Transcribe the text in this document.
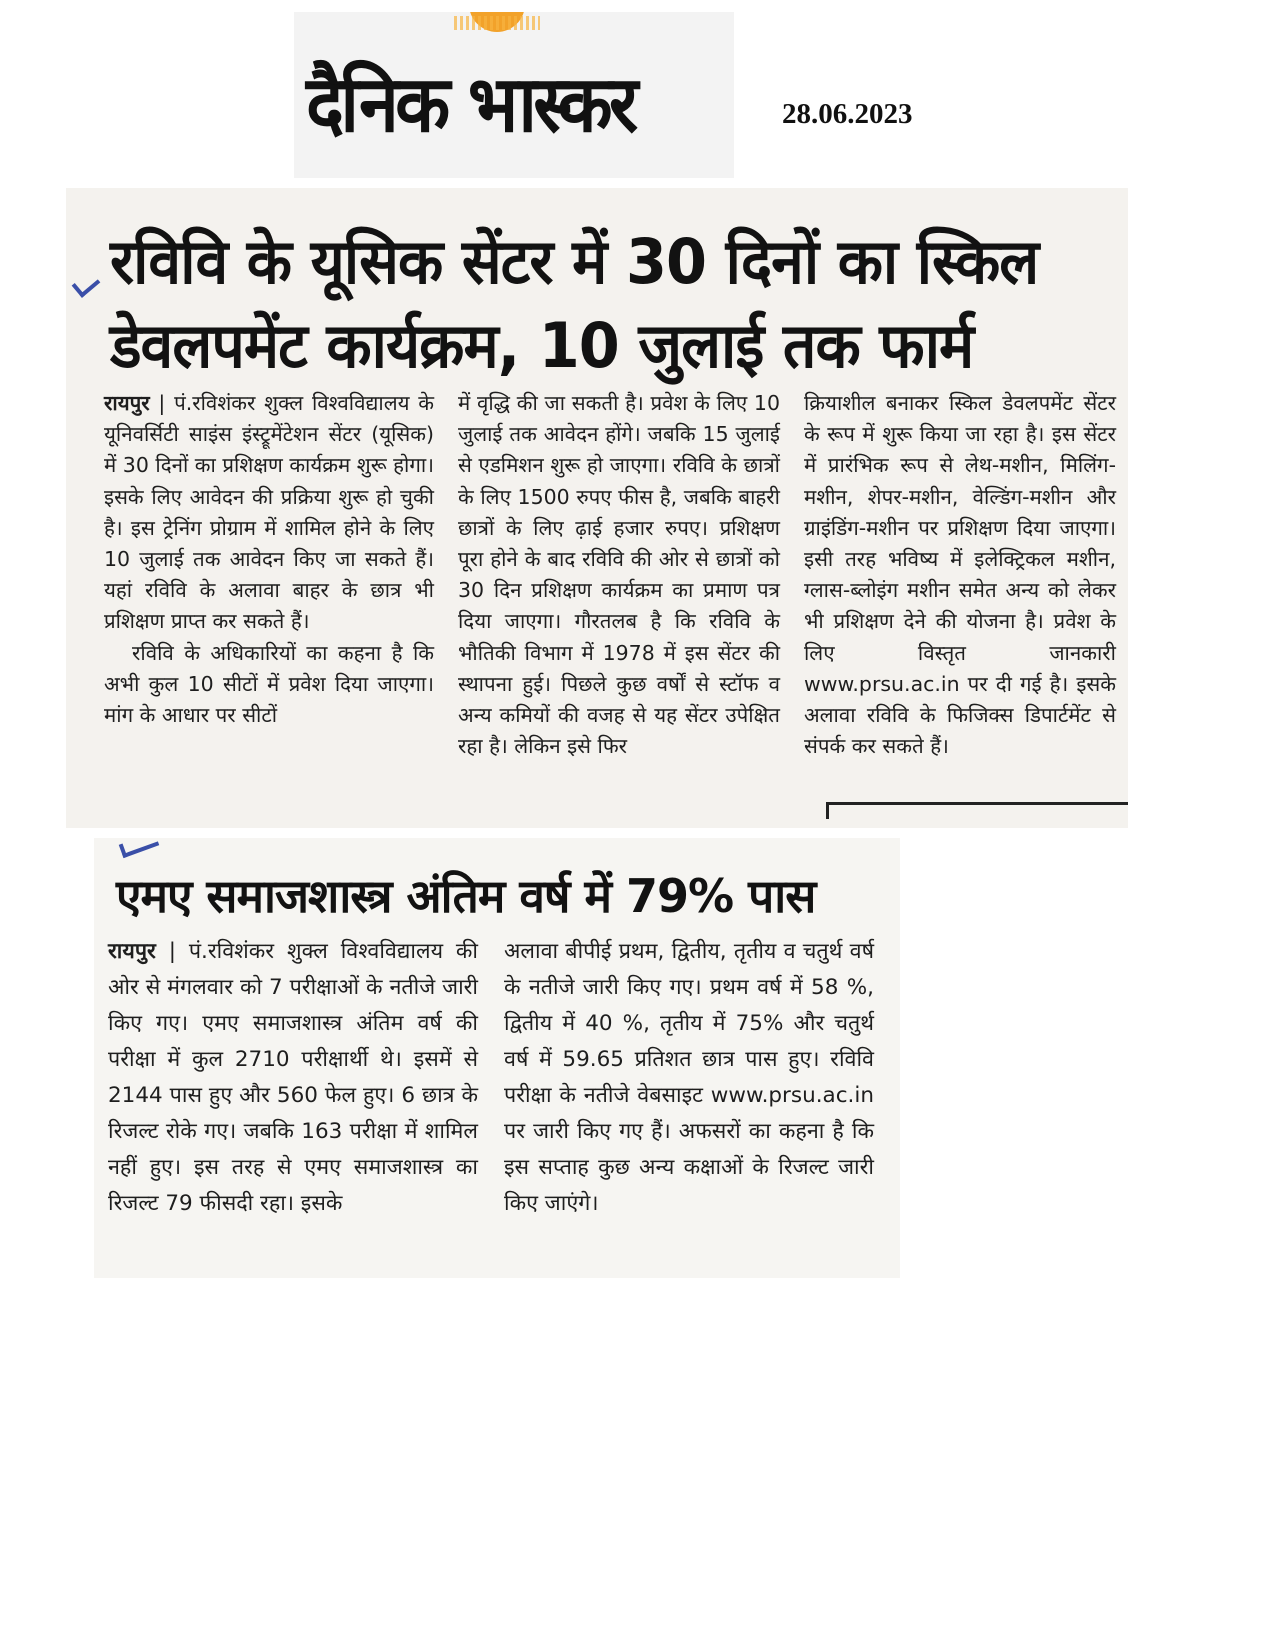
दैनिक भास्कर	28.06.2023
रविवि के यूसिक सेंटर में 30 दिनों का स्किल
डेवलपमेंट कार्यक्रम, 10 जुलाई तक फार्म

रायपुर | पं.रविशंकर शुक्ल विश्वविद्यालय के यूनिवर्सिटी साइंस इंस्ट्रूमेंटेशन सेंटर (यूसिक) में 30 दिनों का प्रशिक्षण कार्यक्रम शुरू होगा। इसके लिए आवेदन की प्रक्रिया शुरू हो चुकी है। इस ट्रेनिंग प्रोग्राम में शामिल होने के लिए 10 जुलाई तक आवेदन किए जा सकते हैं। यहां रविवि के अलावा बाहर के छात्र भी प्रशिक्षण प्राप्त कर सकते हैं।

रविवि के अधिकारियों का कहना है कि अभी कुल 10 सीटों में प्रवेश दिया जाएगा। मांग के आधार पर सीटों

में वृद्धि की जा सकती है। प्रवेश के लिए 10 जुलाई तक आवेदन होंगे। जबकि 15 जुलाई से एडमिशन शुरू हो जाएगा। रविवि के छात्रों के लिए 1500 रुपए फीस है, जबकि बाहरी छात्रों के लिए ढ़ाई हजार रुपए। प्रशिक्षण पूरा होने के बाद रविवि की ओर से छात्रों को 30 दिन प्रशिक्षण कार्यक्रम का प्रमाण पत्र दिया जाएगा। गौरतलब है कि रविवि के भौतिकी विभाग में 1978 में इस सेंटर की स्थापना हुई। पिछले कुछ वर्षों से स्टॉफ व अन्य कमियों की वजह से यह सेंटर उपेक्षित रहा है। लेकिन इसे फिर

क्रियाशील बनाकर स्किल डेवलपमेंट सेंटर के रूप में शुरू किया जा रहा है। इस सेंटर में प्रारंभिक रूप से लेथ-मशीन, मिलिंग-मशीन, शेपर-मशीन, वेल्डिंग-मशीन और ग्राइंडिंग-मशीन पर प्रशिक्षण दिया जाएगा। इसी तरह भविष्य में इलेक्ट्रिकल मशीन, ग्लास-ब्लोइंग मशीन समेत अन्य को लेकर भी प्रशिक्षण देने की योजना है। प्रवेश के लिए विस्तृत जानकारी www.prsu.ac.in पर दी गई है। इसके अलावा रविवि के फिजिक्स डिपार्टमेंट से संपर्क कर सकते हैं।

एमए समाजशास्त्र अंतिम वर्ष में 79% पास

रायपुर | पं.रविशंकर शुक्ल विश्वविद्यालय की ओर से मंगलवार को 7 परीक्षाओं के नतीजे जारी किए गए। एमए समाजशास्त्र अंतिम वर्ष की परीक्षा में कुल 2710 परीक्षार्थी थे। इसमें से 2144 पास हुए और 560 फेल हुए। 6 छात्र के रिजल्ट रोके गए। जबकि 163 परीक्षा में शामिल नहीं हुए। इस तरह से एमए समाजशास्त्र का रिजल्ट 79 फीसदी रहा। इसके

अलावा बीपीई प्रथम, द्वितीय, तृतीय व चतुर्थ वर्ष के नतीजे जारी किए गए। प्रथम वर्ष में 58 %, द्वितीय में 40 %, तृतीय में 75% और चतुर्थ वर्ष में 59.65 प्रतिशत छात्र पास हुए। रविवि परीक्षा के नतीजे वेबसाइट www.prsu.ac.in पर जारी किए गए हैं। अफसरों का कहना है कि इस सप्ताह कुछ अन्य कक्षाओं के रिजल्ट जारी किए जाएंगे।
